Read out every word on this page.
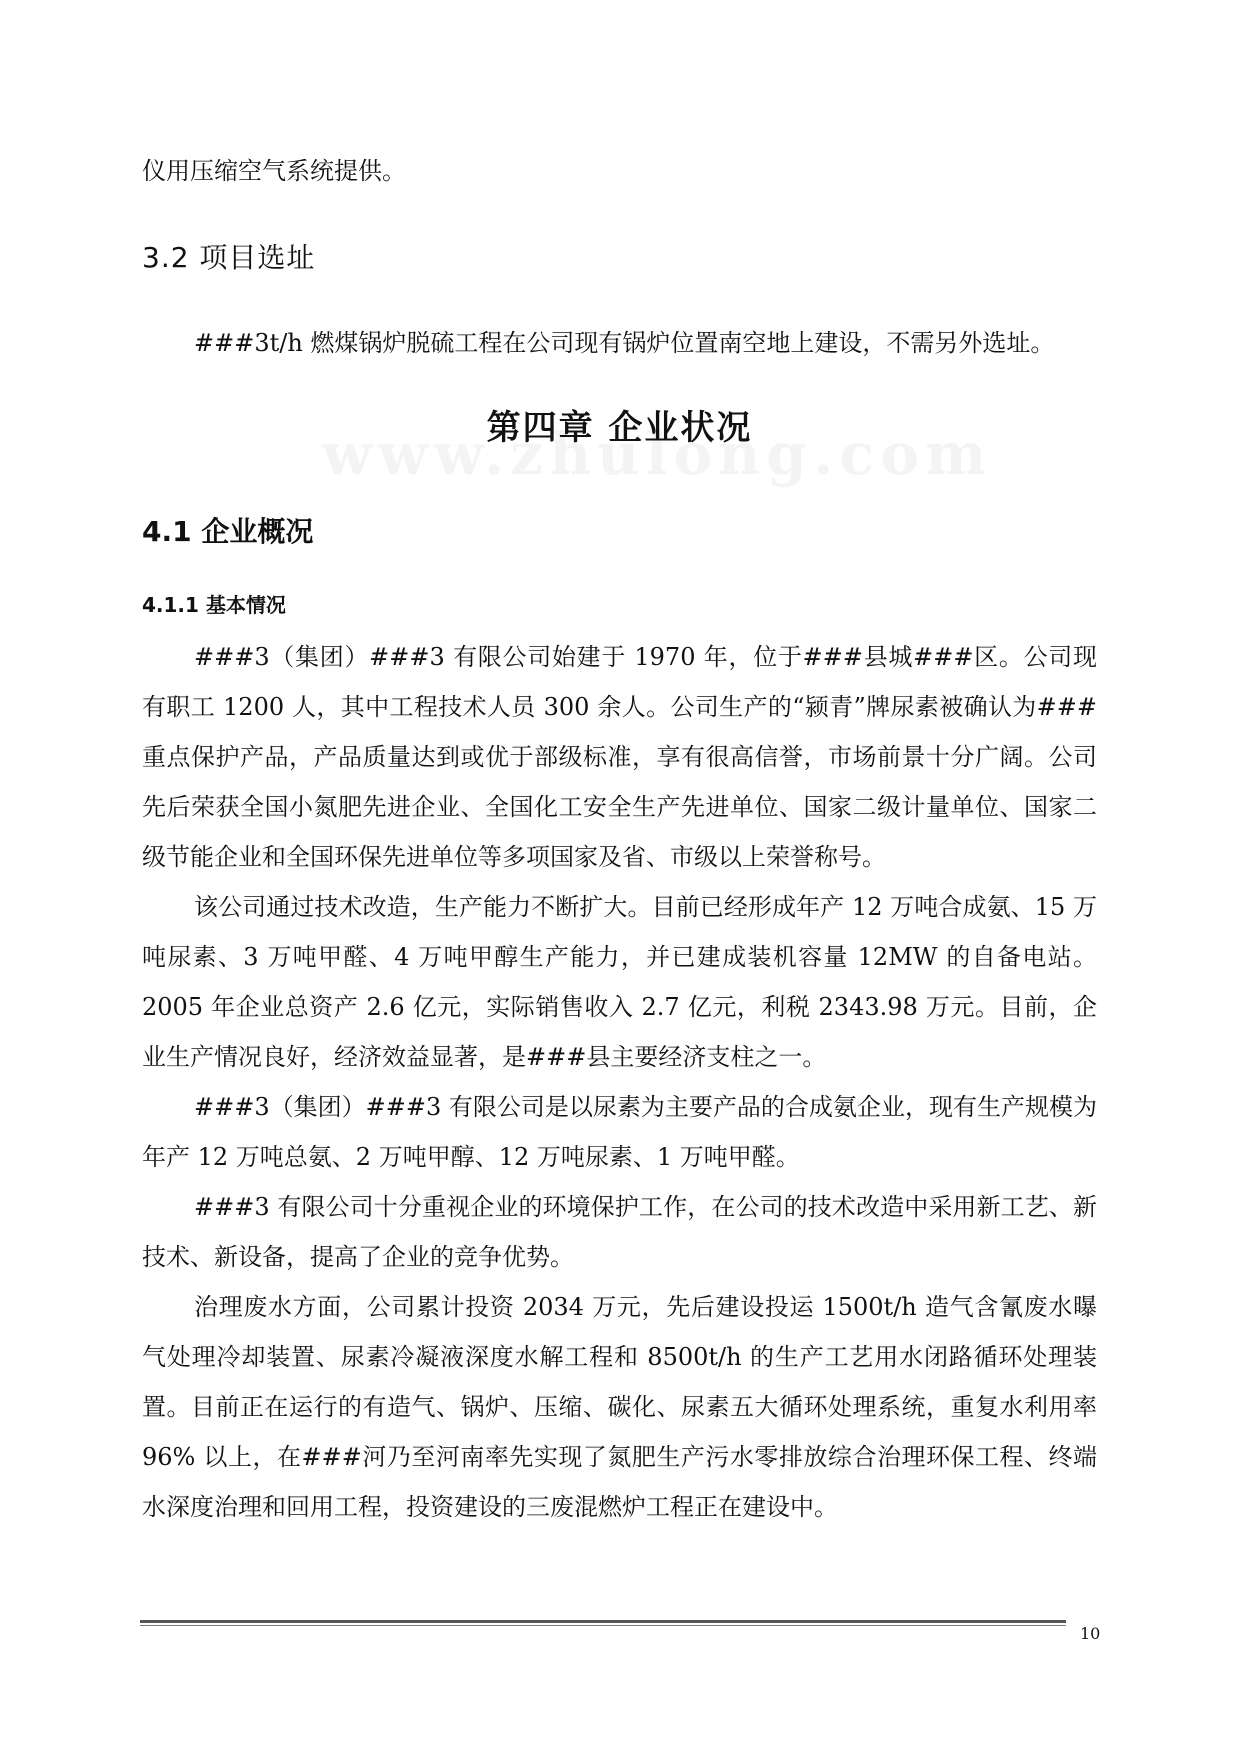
仪用压缩空气系统提供。

3.2 项目选址

###3t/h 燃煤锅炉脱硫工程在公司现有锅炉位置南空地上建设，不需另外选址。

第四章 企业状况
4.1 企业概况
4.1.1 基本情况

###3（集团）###3 有限公司始建于 1970 年，位于###县城###区。公司现有职工 1200 人，其中工程技术人员 300 余人。公司生产的“颍青”牌尿素被确认为###重点保护产品，产品质量达到或优于部级标准，享有很高信誉，市场前景十分广阔。公司先后荣获全国小氮肥先进企业、全国化工安全生产先进单位、国家二级计量单位、国家二级节能企业和全国环保先进单位等多项国家及省、市级以上荣誉称号。

该公司通过技术改造，生产能力不断扩大。目前已经形成年产 12 万吨合成氨、15 万吨尿素、3 万吨甲醛、4 万吨甲醇生产能力，并已建成装机容量 12MW 的自备电站。2005 年企业总资产 2.6 亿元，实际销售收入 2.7 亿元，利税 2343.98 万元。目前，企业生产情况良好，经济效益显著，是###县主要经济支柱之一。

###3（集团）###3 有限公司是以尿素为主要产品的合成氨企业，现有生产规模为年产 12 万吨总氨、2 万吨甲醇、12 万吨尿素、1 万吨甲醛。

###3 有限公司十分重视企业的环境保护工作，在公司的技术改造中采用新工艺、新技术、新设备，提高了企业的竞争优势。

治理废水方面，公司累计投资 2034 万元，先后建设投运 1500t/h 造气含氰废水曝气处理冷却装置、尿素冷凝液深度水解工程和 8500t/h 的生产工艺用水闭路循环处理装置。目前正在运行的有造气、锅炉、压缩、碳化、尿素五大循环处理系统，重复水利用率 96% 以上，在###河乃至河南率先实现了氮肥生产污水零排放综合治理环保工程、终端水深度治理和回用工程，投资建设的三废混燃炉工程正在建设中。

10
